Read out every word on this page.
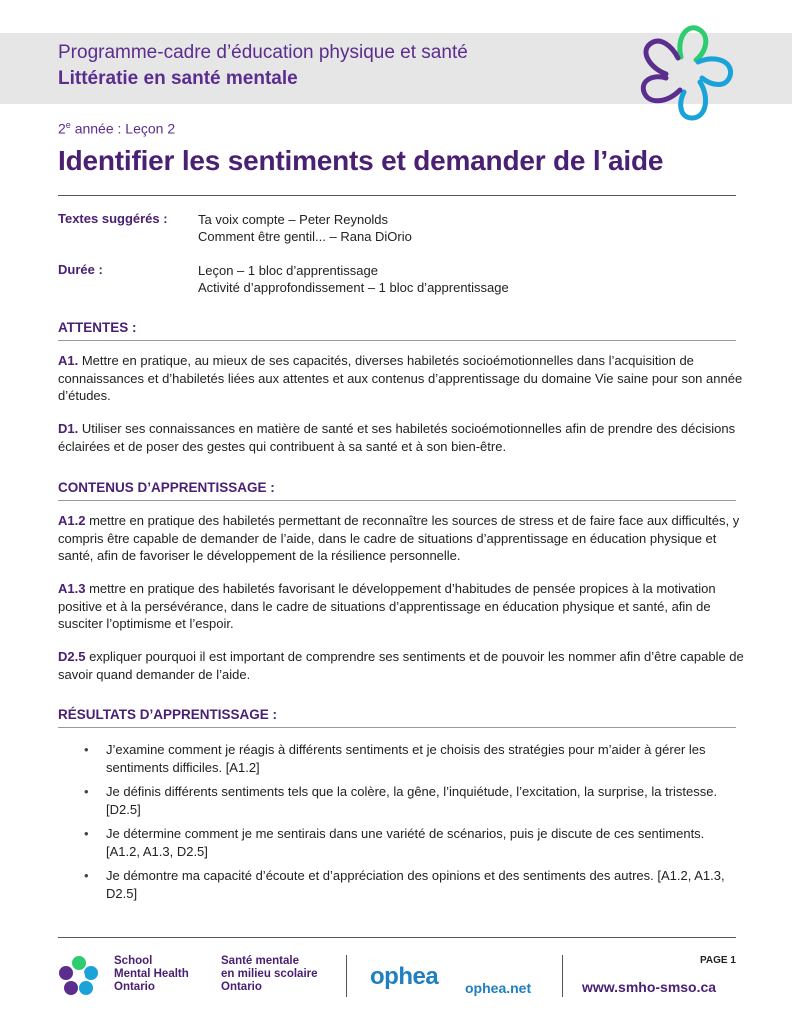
Programme-cadre d’éducation physique et santé
Littératie en santé mentale
2e année : Leçon 2
Identifier les sentiments et demander de l’aide
Textes suggérés : Ta voix compte – Peter Reynolds
Comment être gentil... – Rana DiOrio
Durée :	Leçon – 1 bloc d’apprentissage
Activité d’approfondissement – 1 bloc d’apprentissage
ATTENTES :
A1. Mettre en pratique, au mieux de ses capacités, diverses habiletés socioémotionnelles dans l’acquisition de connaissances et d’habiletés liées aux attentes et aux contenus d’apprentissage du domaine Vie saine pour son année d’études.
D1. Utiliser ses connaissances en matière de santé et ses habiletés socioémotionnelles afin de prendre des décisions éclairées et de poser des gestes qui contribuent à sa santé et à son bien-être.
CONTENUS D’APPRENTISSAGE :
A1.2 mettre en pratique des habiletés permettant de reconnaître les sources de stress et de faire face aux difficultés, y compris être capable de demander de l’aide, dans le cadre de situations d’apprentissage en éducation physique et santé, afin de favoriser le développement de la résilience personnelle.
A1.3 mettre en pratique des habiletés favorisant le développement d’habitudes de pensée propices à la motivation positive et à la persévérance, dans le cadre de situations d’apprentissage en éducation physique et santé, afin de susciter l’optimisme et l’espoir.
D2.5 expliquer pourquoi il est important de comprendre ses sentiments et de pouvoir les nommer afin d’être capable de savoir quand demander de l’aide.
RÉSULTATS D’APPRENTISSAGE :
• J’examine comment je réagis à différents sentiments et je choisis des stratégies pour m’aider à gérer les sentiments difficiles. [A1.2]
• Je définis différents sentiments tels que la colère, la gêne, l’inquiétude, l’excitation, la surprise, la tristesse. [D2.5]
• Je détermine comment je me sentirais dans une variété de scénarios, puis je discute de ces sentiments. [A1.2, A1.3, D2.5]
• Je démontre ma capacité d’écoute et d’appréciation des opinions et des sentiments des autres. [A1.2, A1.3, D2.5]
School
Mental Health
Ontario
Santé mentale
en milieu scolaire
Ontario	ophea ophea.net
PAGE 1
www.smho-smso.ca
